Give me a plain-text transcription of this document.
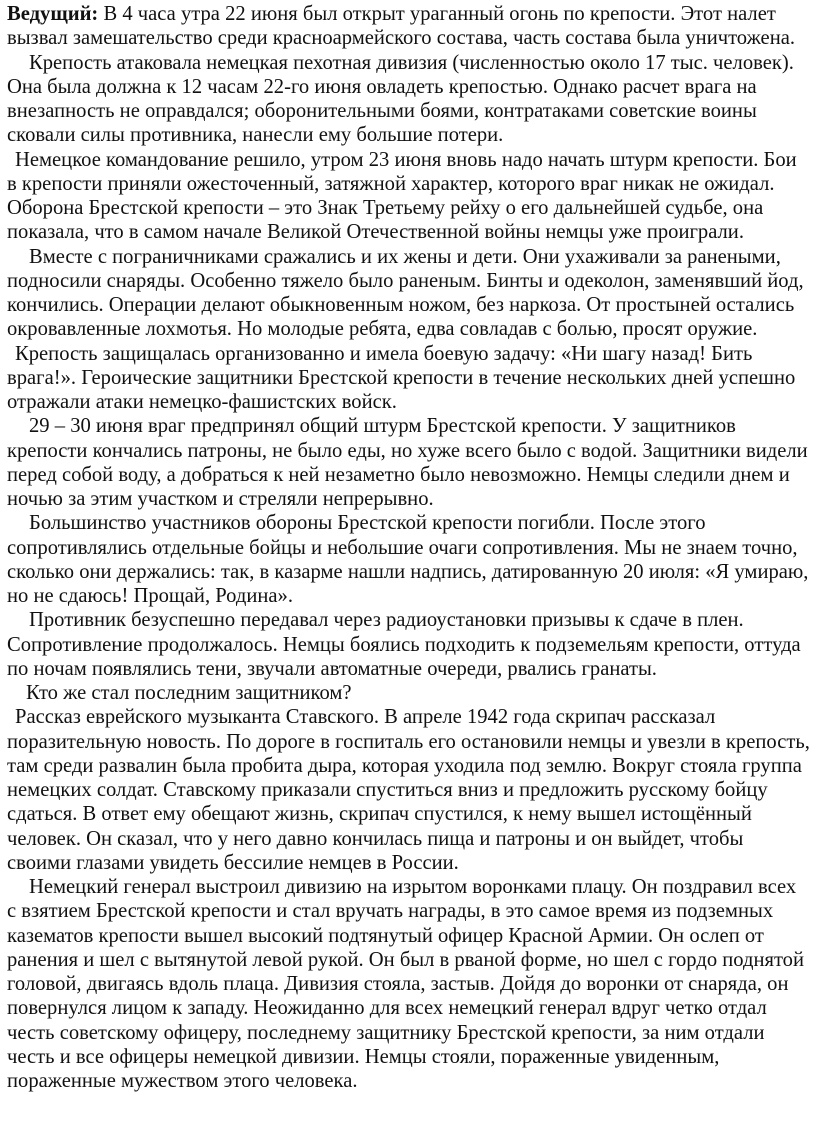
Ведущий: В 4 часа утра 22 июня был открыт ураганный огонь по крепости. Этот налет вызвал замешательство среди красноармейского состава, часть состава была уничтожена.

Крепость атаковала немецкая пехотная дивизия (численностью около 17 тыс. человек). Она была должна к 12 часам 22-го июня овладеть крепостью. Однако расчет врага на внезапность не оправдался; оборонительными боями, контратаками советские воины сковали силы противника, нанесли ему большие потери.

Немецкое командование решило, утром 23 июня вновь надо начать штурм крепости. Бои в крепости приняли ожесточенный, затяжной характер, которого враг никак не ожидал. Оборона Брестской крепости – это Знак Третьему рейху о его дальнейшей судьбе, она показала, что в самом начале Великой Отечественной войны немцы уже проиграли.

Вместе с пограничниками сражались и их жены и дети. Они ухаживали за ранеными, подносили снаряды. Особенно тяжело было раненым. Бинты и одеколон, заменявший йод, кончились. Операции делают обыкновенным ножом, без наркоза. От простыней остались окровавленные лохмотья. Но молодые ребята, едва совладав с болью, просят оружие.

Крепость защищалась организованно и имела боевую задачу: «Ни шагу назад! Бить врага!». Героические защитники Брестской крепости в течение нескольких дней успешно отражали атаки немецко-фашистских войск.

29 – 30 июня враг предпринял общий штурм Брестской крепости. У защитников крепости кончались патроны, не было еды, но хуже всего было с водой. Защитники видели перед собой воду, а добраться к ней незаметно было невозможно. Немцы следили днем и ночью за этим участком и стреляли непрерывно.

Большинство участников обороны Брестской крепости погибли. После этого сопротивлялись отдельные бойцы и небольшие очаги сопротивления. Мы не знаем точно, сколько они держались: так, в казарме нашли надпись, датированную 20 июля: «Я умираю, но не сдаюсь! Прощай, Родина».

Противник безуспешно передавал через радиоустановки призывы к сдаче в плен. Сопротивление продолжалось. Немцы боялись подходить к подземельям крепости, оттуда по ночам появлялись тени, звучали автоматные очереди, рвались гранаты.

Кто же стал последним защитником?

Рассказ еврейского музыканта Ставского. В апреле 1942 года скрипач рассказал поразительную новость. По дороге в госпиталь его остановили немцы и увезли в крепость, там среди развалин была пробита дыра, которая уходила под землю. Вокруг стояла группа немецких солдат. Ставскому приказали спуститься вниз и предложить русскому бойцу сдаться. В ответ ему обещают жизнь, скрипач спустился, к нему вышел истощённый человек. Он сказал, что у него давно кончилась пища и патроны и он выйдет, чтобы своими глазами увидеть бессилие немцев в России.

Немецкий генерал выстроил дивизию на изрытом воронками плацу. Он поздравил всех с взятием Брестской крепости и стал вручать награды, в это самое время из подземных казематов крепости вышел высокий подтянутый офицер Красной Армии. Он ослеп от ранения и шел с вытянутой левой рукой. Он был в рваной форме, но шел с гордо поднятой головой, двигаясь вдоль плаца. Дивизия стояла, застыв. Дойдя до воронки от снаряда, он повернулся лицом к западу. Неожиданно для всех немецкий генерал вдруг четко отдал честь советскому офицеру, последнему защитнику Брестской крепости, за ним отдали честь и все офицеры немецкой дивизии. Немцы стояли, пораженные увиденным, пораженные мужеством этого человека.
